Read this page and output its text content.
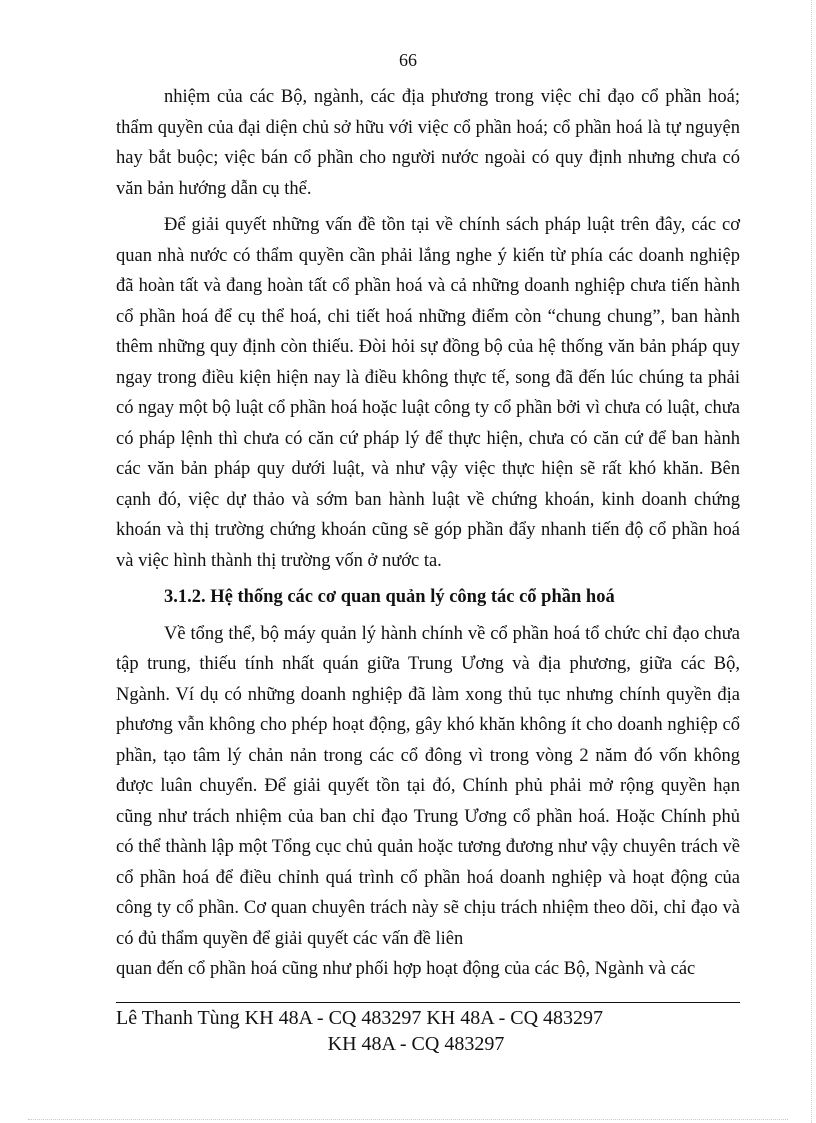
66

nhiệm của các Bộ, ngành, các địa phương trong việc chỉ đạo cổ phần hoá; thẩm quyền của đại diện chủ sở hữu với việc cổ phần hoá; cổ phần hoá là tự nguyện hay bắt buộc; việc bán cổ phần cho người nước ngoài có quy định nhưng chưa có văn bản hướng dẫn cụ thể.

Để giải quyết những vấn đề tồn tại về chính sách pháp luật trên đây, các cơ quan nhà nước có thẩm quyền cần phải lắng nghe ý kiến từ phía các doanh nghiệp đã hoàn tất và đang hoàn tất cổ phần hoá và cả những doanh nghiệp chưa tiến hành cổ phần hoá để cụ thể hoá, chi tiết hoá những điểm còn “chung chung”, ban hành thêm những quy định còn thiếu. Đòi hỏi sự đồng bộ của hệ thống văn bản pháp quy ngay trong điều kiện hiện nay là điều không thực tế, song đã đến lúc chúng ta phải có ngay một bộ luật cổ phần hoá hoặc luật công ty cổ phần bởi vì chưa có luật, chưa có pháp lệnh thì chưa có căn cứ pháp lý để thực hiện, chưa có căn cứ để ban hành các văn bản pháp quy dưới luật, và như vậy việc thực hiện sẽ rất khó khăn. Bên cạnh đó, việc dự thảo và sớm ban hành luật về chứng khoán, kinh doanh chứng khoán và thị trường chứng khoán cũng sẽ góp phần đẩy nhanh tiến độ cổ phần hoá và việc hình thành thị trường vốn ở nước ta.

3.1.2. Hệ thống các cơ quan quản lý công tác cổ phần hoá

Về tổng thể, bộ máy quản lý hành chính về cổ phần hoá tổ chức chỉ đạo chưa tập trung, thiếu tính nhất quán giữa Trung Ương và địa phương, giữa các Bộ, Ngành. Ví dụ có những doanh nghiệp đã làm xong thủ tục nhưng chính quyền địa phương vẫn không cho phép hoạt động, gây khó khăn không ít cho doanh nghiệp cổ phần, tạo tâm lý chản nản trong các cổ đông vì trong vòng 2 năm đó vốn không được luân chuyển. Để giải quyết tồn tại đó, Chính phủ phải mở rộng quyền hạn cũng như trách nhiệm của ban chỉ đạo Trung Ương cổ phần hoá. Hoặc Chính phủ có thể thành lập một Tổng cục chủ quản hoặc tương đương như vậy chuyên trách về cổ phần hoá để điều chỉnh quá trình cổ phần hoá doanh nghiệp và hoạt động của công ty cổ phần. Cơ quan chuyên trách này sẽ chịu trách nhiệm theo dõi, chỉ đạo và có đủ thẩm quyền để giải quyết các vấn đề liên

quan đến cổ phần hoá cũng như phối hợp hoạt động của các Bộ, Ngành và các

Lê Thanh Tùng KH 48A - CQ 483297 KH 48A - CQ 483297
KH 48A - CQ 483297
